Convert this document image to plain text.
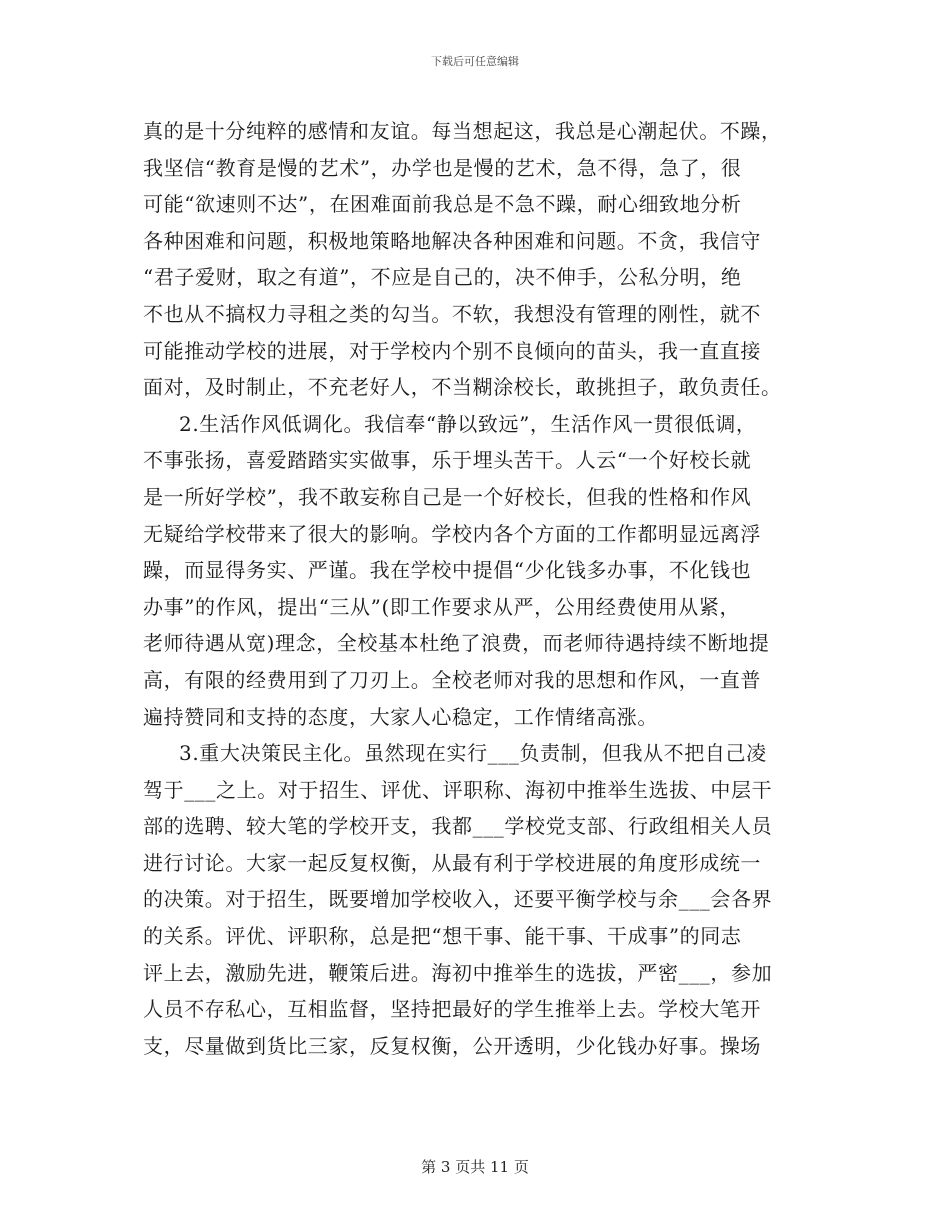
下载后可任意编辑
真的是十分纯粹的感情和友谊。每当想起这，我总是心潮起伏。不躁，
我坚信“教育是慢的艺术”，办学也是慢的艺术，急不得，急了，很
可能“欲速则不达”，在困难面前我总是不急不躁，耐心细致地分析
各种困难和问题，积极地策略地解决各种困难和问题。不贪，我信守
“君子爱财，取之有道”，不应是自己的，决不伸手，公私分明，绝
不也从不搞权力寻租之类的勾当。不软，我想没有管理的刚性，就不
可能推动学校的进展，对于学校内个别不良倾向的苗头，我一直直接
面对，及时制止，不充老好人，不当糊涂校长，敢挑担子，敢负责任。
2.生活作风低调化。我信奉“静以致远”，生活作风一贯很低调，
不事张扬，喜爱踏踏实实做事，乐于埋头苦干。人云“一个好校长就
是一所好学校”，我不敢妄称自己是一个好校长，但我的性格和作风
无疑给学校带来了很大的影响。学校内各个方面的工作都明显远离浮
躁，而显得务实、严谨。我在学校中提倡“少化钱多办事，不化钱也
办事”的作风，提出“三从”(即工作要求从严，公用经费使用从紧，
老师待遇从宽)理念，全校基本杜绝了浪费，而老师待遇持续不断地提
高，有限的经费用到了刀刃上。全校老师对我的思想和作风，一直普
遍持赞同和支持的态度，大家人心稳定，工作情绪高涨。
3.重大决策民主化。虽然现在实行___负责制，但我从不把自己凌
驾于___之上。对于招生、评优、评职称、海初中推举生选拔、中层干
部的选聘、较大笔的学校开支，我都___学校党支部、行政组相关人员
进行讨论。大家一起反复权衡，从最有利于学校进展的角度形成统一
的决策。对于招生，既要增加学校收入，还要平衡学校与余___会各界
的关系。评优、评职称，总是把“想干事、能干事、干成事”的同志
评上去，激励先进，鞭策后进。海初中推举生的选拔，严密___，参加
人员不存私心，互相监督，坚持把最好的学生推举上去。学校大笔开
支，尽量做到货比三家，反复权衡，公开透明，少化钱办好事。操场
第 3 页共 11 页
